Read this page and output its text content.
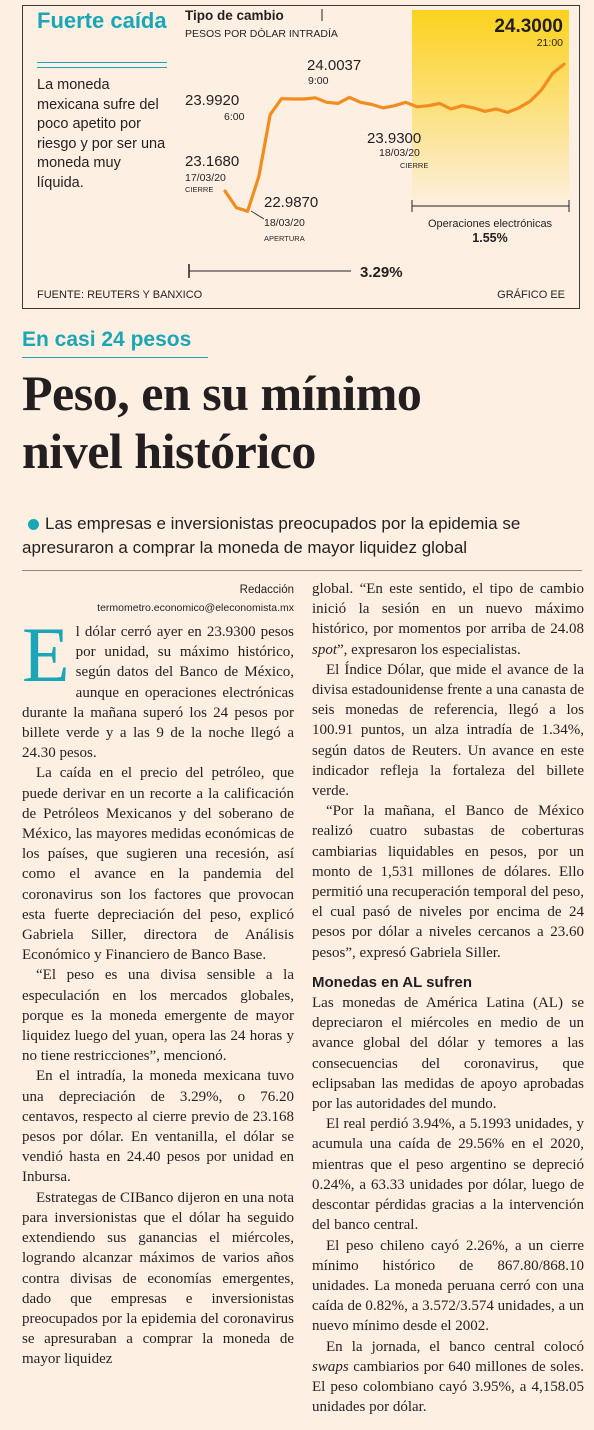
Fuerte caída
La moneda mexicana sufre del poco apetito por riesgo y por ser una moneda muy líquida.
Tipo de cambio
PESOS POR DÓLAR INTRADÍA
23.1680
17/03/20
CIERRE
22.9870
18/03/20
APERTURA
23.9920
6:00
24.0037
9:00
23.9300
18/03/20
CIERRE
24.3000
21:00
Operaciones electrónicas
1.55%
3.29%
FUENTE: REUTERS Y BANXICO	GRÁFICO EE
En casi 24 pesos
Peso, en su mínimo
nivel histórico
Las empresas e inversionistas preocupados por la epidemia se apresuraron a comprar la moneda de mayor liquidez global
Redacción
termometro.economico@eleconomista.mx

El dólar cerró ayer en 23.9300 pesos por unidad, su máximo histórico, según datos del Banco de México, aunque en operaciones electrónicas durante la mañana superó los 24 pesos por billete verde y a las 9 de la noche llegó a 24.30 pesos.

La caída en el precio del petróleo, que puede derivar en un recorte a la calificación de Petróleos Mexicanos y del soberano de México, las mayores medidas económicas de los países, que sugieren una recesión, así como el avance en la pandemia del coronavirus son los factores que provocan esta fuerte depreciación del peso, explicó Gabriela Siller, directora de Análisis Económico y Financiero de Banco Base.

“El peso es una divisa sensible a la especulación en los mercados globales, porque es la moneda emergente de mayor liquidez luego del yuan, opera las 24 horas y no tiene restricciones”, mencionó.

En el intradía, la moneda mexicana tuvo una depreciación de 3.29%, o 76.20 centavos, respecto al cierre previo de 23.168 pesos por dólar. En ventanilla, el dólar se vendió hasta en 24.40 pesos por unidad en Inbursa.

Estrategas de CIBanco dijeron en una nota para inversionistas que el dólar ha seguido extendiendo sus ganancias el miércoles, logrando alcanzar máximos de varios años contra divisas de economías emergentes, dado que empresas e inversionistas preocupados por la epidemia del coronavirus se apresuraban a comprar la moneda de mayor liquidez

global. “En este sentido, el tipo de cambio inició la sesión en un nuevo máximo histórico, por momentos por arriba de 24.08 spot”, expresaron los especialistas.

El Índice Dólar, que mide el avance de la divisa estadounidense frente a una canasta de seis monedas de referencia, llegó a los 100.91 puntos, un alza intradía de 1.34%, según datos de Reuters. Un avance en este indicador refleja la fortaleza del billete verde.

“Por la mañana, el Banco de México realizó cuatro subastas de coberturas cambiarias liquidables en pesos, por un monto de 1,531 millones de dólares. Ello permitió una recuperación temporal del peso, el cual pasó de niveles por encima de 24 pesos por dólar a niveles cercanos a 23.60 pesos”, expresó Gabriela Siller.

Monedas en AL sufren

Las monedas de América Latina (AL) se depreciaron el miércoles en medio de un avance global del dólar y temores a las consecuencias del coronavirus, que eclipsaban las medidas de apoyo aprobadas por las autoridades del mundo.

El real perdió 3.94%, a 5.1993 unidades, y acumula una caída de 29.56% en el 2020, mientras que el peso argentino se depreció 0.24%, a 63.33 unidades por dólar, luego de descontar pérdidas gracias a la intervención del banco central.

El peso chileno cayó 2.26%, a un cierre mínimo histórico de 867.80/868.10 unidades. La moneda peruana cerró con una caída de 0.82%, a 3.572/3.574 unidades, a un nuevo mínimo desde el 2002.

En la jornada, el banco central colocó swaps cambiarios por 640 millones de soles. El peso colombiano cayó 3.95%, a 4,158.05 unidades por dólar.
